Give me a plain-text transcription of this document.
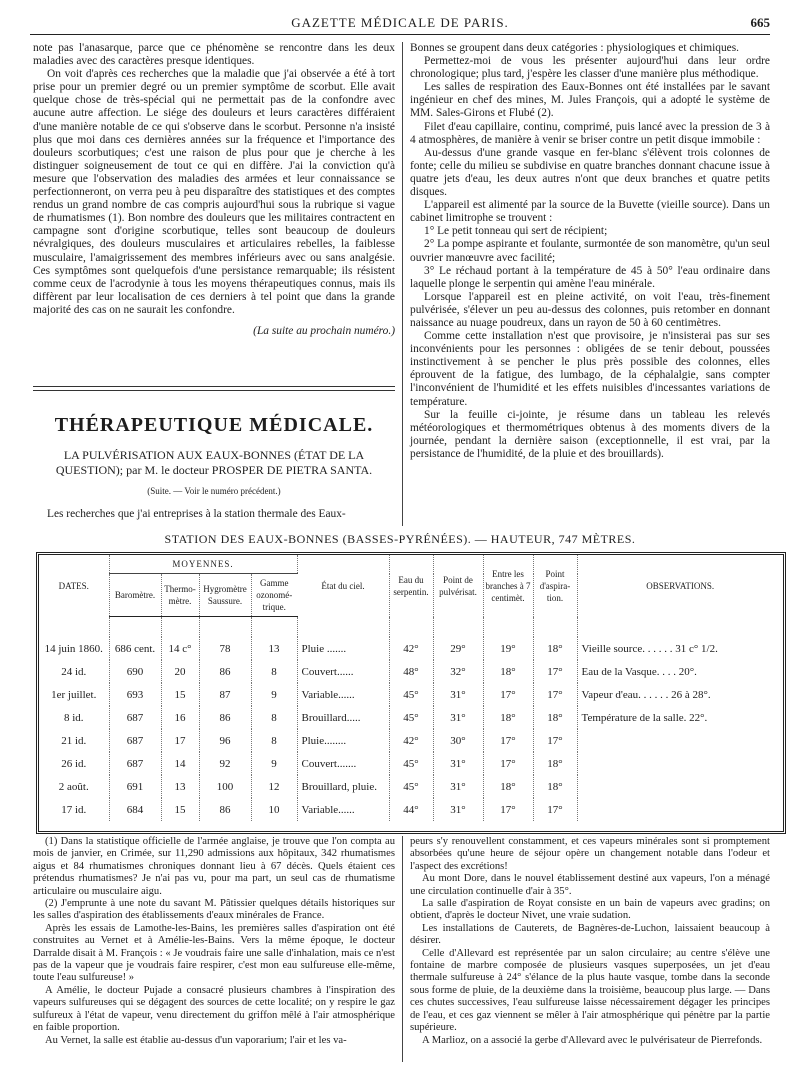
GAZETTE MÉDICALE DE PARIS.	665

note pas l'anasarque, parce que ce phénomène se rencontre dans les deux maladies avec des caractères presque identiques.

On voit d'après ces recherches que la maladie que j'ai observée a été à tort prise pour un premier degré ou un premier symptôme de scorbut. Elle avait quelque chose de très-spécial qui ne permettait pas de la confondre avec aucune autre affection. Le siége des douleurs et leurs caractères différaient d'une manière notable de ce qui s'observe dans le scorbut. Personne n'a insisté plus que moi dans ces dernières années sur la fréquence et l'importance des douleurs scorbutiques; c'est une raison de plus pour que je cherche à les distinguer soigneusement de tout ce qui en diffère. J'ai la conviction qu'à mesure que l'observation des maladies des armées et leur connaissance se perfectionneront, on verra peu à peu disparaître des statistiques et des comptes rendus un grand nombre de cas compris aujourd'hui sous la rubrique si vague de rhumatismes (1). Bon nombre des douleurs que les militaires contractent en campagne sont d'origine scorbutique, telles sont beaucoup de douleurs névralgiques, des douleurs musculaires et articulaires rebelles, la faiblesse musculaire, l'amaigrissement des membres inférieurs avec ou sans analgésie. Ces symptômes sont quelquefois d'une persistance remarquable; ils résistent comme ceux de l'acrodynie à tous les moyens thérapeutiques connus, mais ils diffèrent par leur localisation de ces derniers à tel point que dans la grande majorité des cas on ne saurait les confondre.

(La suite au prochain numéro.)

THÉRAPEUTIQUE MÉDICALE.
LA PULVÉRISATION AUX EAUX-BONNES (ÉTAT DE LA QUESTION); par M. le docteur PROSPER DE PIETRA SANTA.
(Suite. — Voir le numéro précédent.)
Les recherches que j'ai entreprises à la station thermale des Eaux-

Bonnes se groupent dans deux catégories : physiologiques et chimiques.

Permettez-moi de vous les présenter aujourd'hui dans leur ordre chronologique; plus tard, j'espère les classer d'une manière plus méthodique.

Les salles de respiration des Eaux-Bonnes ont été installées par le savant ingénieur en chef des mines, M. Jules François, qui a adopté le système de MM. Sales-Girons et Flubé (2).

Filet d'eau capillaire, continu, comprimé, puis lancé avec la pression de 3 à 4 atmosphères, de manière à venir se briser contre un petit disque immobile :

Au-dessus d'une grande vasque en fer-blanc s'élèvent trois colonnes de fonte; celle du milieu se subdivise en quatre branches donnant chacune issue à quatre jets d'eau, les deux autres n'ont que deux branches et quatre petits disques.

L'appareil est alimenté par la source de la Buvette (vieille source). Dans un cabinet limitrophe se trouvent :

1° Le petit tonneau qui sert de récipient;

2° La pompe aspirante et foulante, surmontée de son manomètre, qu'un seul ouvrier manœuvre avec facilité;

3° Le réchaud portant à la température de 45 à 50° l'eau ordinaire dans laquelle plonge le serpentin qui amène l'eau minérale.

Lorsque l'appareil est en pleine activité, on voit l'eau, très-finement pulvérisée, s'élever un peu au-dessus des colonnes, puis retomber en donnant naissance au nuage poudreux, dans un rayon de 50 à 60 centimètres.

Comme cette installation n'est que provisoire, je n'insisterai pas sur ses inconvénients pour les personnes : obligées de se tenir debout, poussées instinctivement à se pencher le plus près possible des colonnes, elles éprouvent de la fatigue, des lumbago, de la céphalalgie, sans compter l'inconvénient de l'humidité et les effets nuisibles d'incessantes variations de température.

Sur la feuille ci-jointe, je résume dans un tableau les relevés météorologiques et thermométriques obtenus à des moments divers de la journée, pendant la dernière saison (exceptionnelle, il est vrai, par la persistance de l'humidité, de la pluie et des brouillards).

STATION DES EAUX-BONNES (BASSES-PYRÉNÉES). — HAUTEUR, 747 MÈTRES.
DATES.	MOYENNES.				État du ciel.	Eau du serpentin.	Point de pulvérisat.	Entre les branches à 7 centimèt.	Point d'aspira-tion.	OBSERVATIONS.
	Baromètre.	Thermo-mètre.	Hygromètre Saussure.	Gamme ozonomé-trique.						

14 juin 1860.	686 cent.	14 c°	78	13	Pluie .......	42°	29°	19°	18°	Vieille source. . . . . . 31 c° 1/2.
24 id.	690	20	86	8	Couvert......	48°	32°	18°	17°	Eau de la Vasque. . . . 20°.
1er juillet.	693	15	87	9	Variable......	45°	31°	17°	17°	Vapeur d'eau. . . . . . 26 à 28°.
8 id.	687	16	86	8	Brouillard.....	45°	31°	18°	18°	Température de la salle. 22°.
21 id.	687	17	96	8	Pluie........	42°	30°	17°	17°	
26 id.	687	14	92	9	Couvert.......	45°	31°	17°	18°	
2 août.	691	13	100	12	Brouillard, pluie.	45°	31°	18°	18°	
17 id.	684	15	86	10	Variable......	44°	31°	17°	17°	

(1) Dans la statistique officielle de l'armée anglaise, je trouve que l'on compta au mois de janvier, en Crimée, sur 11,290 admissions aux hôpitaux, 342 rhumatismes aigus et 84 rhumatismes chroniques donnant lieu à 67 décès. Quels étaient ces prétendus rhumatismes? Je n'ai pas vu, pour ma part, un seul cas de rhumatisme articulaire ou musculaire aigu.

(2) J'emprunte à une note du savant M. Pâtissier quelques détails historiques sur les salles d'aspiration des établissements d'eaux minérales de France.

Après les essais de Lamothe-les-Bains, les premières salles d'aspiration ont été construites au Vernet et à Amélie-les-Bains. Vers la même époque, le docteur Darralde disait à M. François : « Je voudrais faire une salle d'inhalation, mais ce n'est pas de la vapeur que je voudrais faire respirer, c'est mon eau sulfureuse elle-même, toute l'eau sulfureuse! »

A Amélie, le docteur Pujade a consacré plusieurs chambres à l'inspiration des vapeurs sulfureuses qui se dégagent des sources de cette localité; on y respire le gaz sulfureux à l'état de vapeur, venu directement du griffon mêlé à l'air atmosphérique en faible proportion.

Au Vernet, la salle est établie au-dessus d'un vaporarium; l'air et les va-

peurs s'y renouvellent constamment, et ces vapeurs minérales sont si promptement absorbées qu'une heure de séjour opère un changement notable dans l'odeur et l'aspect des excrétions!

Au mont Dore, dans le nouvel établissement destiné aux vapeurs, l'on a ménagé une circulation continuelle d'air à 35°.

La salle d'aspiration de Royat consiste en un bain de vapeurs avec gradins; on obtient, d'après le docteur Nivet, une vraie sudation.

Les installations de Cauterets, de Bagnères-de-Luchon, laissaient beaucoup à désirer.

Celle d'Allevard est représentée par un salon circulaire; au centre s'élève une fontaine de marbre composée de plusieurs vasques superposées, un jet d'eau thermale sulfureuse à 24° s'élance de la plus haute vasque, tombe dans la seconde sous forme de pluie, de la deuxième dans la troisième, beaucoup plus large. — Dans ces chutes successives, l'eau sulfureuse laisse nécessairement dégager les principes de l'eau, et ces gaz viennent se mêler à l'air atmosphérique qui pénètre par la partie supérieure.

A Marlioz, on a associé la gerbe d'Allevard avec le pulvérisateur de Pierrefonds.
